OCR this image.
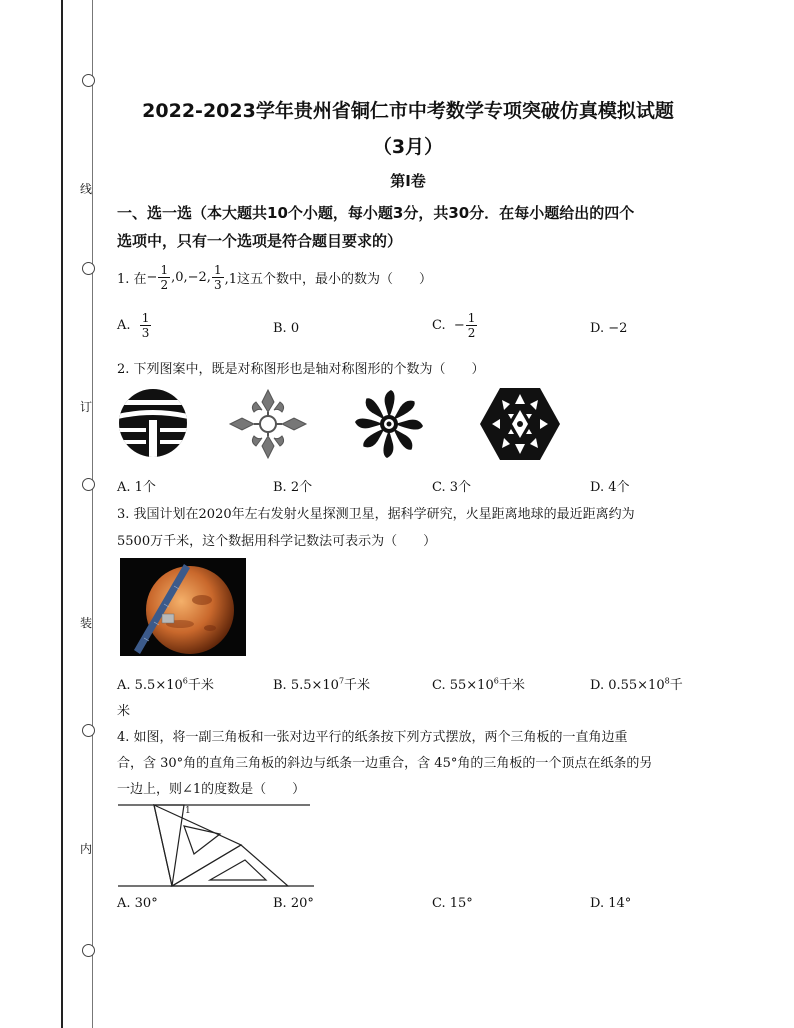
线
订
装
内
2022-2023学年贵州省铜仁市中考数学专项突破仿真模拟试题
（3月）
第I卷
一、选一选（本大题共10个小题，每小题3分，共30分．在每小题给出的四个
选项中，只有一个选项是符合题目要求的）
1. 在 − $\frac{1}{2} ,0,-2$, $\frac{1}{3} ,1$这五个数中，最小的数为（　　）
A.
$\frac{1}{3}$	B. 0	C.
− $\frac{1}{2}$	D. −2
2. 下列图案中，既是对称图形也是轴对称图形的个数为（　　）
A. 1个	B. 2个	C. 3个	D. 4个
3. 我国计划在2020年左右发射火星探测卫星，据科学研究，火星距离地球的最近距离约为
5500万千米，这个数据用科学记数法可表示为（　　）
A. $5.5\times 10^6$千米	B. $5.5\times 10^7$千米	C. $55\times 10^6$千米	D. $0.55\times 10^8$千
米
4. 如图，将一副三角板和一张对边平行的纸条按下列方式摆放，两个三角板的一直角边重
合，含 30°角的直角三角板的斜边与纸条一边重合，含 45°角的三角板的一个顶点在纸条的另
一边上，则∠1的度数是（　　）
1
A. 30°	B. 20°	C. 15°	D. 14°
